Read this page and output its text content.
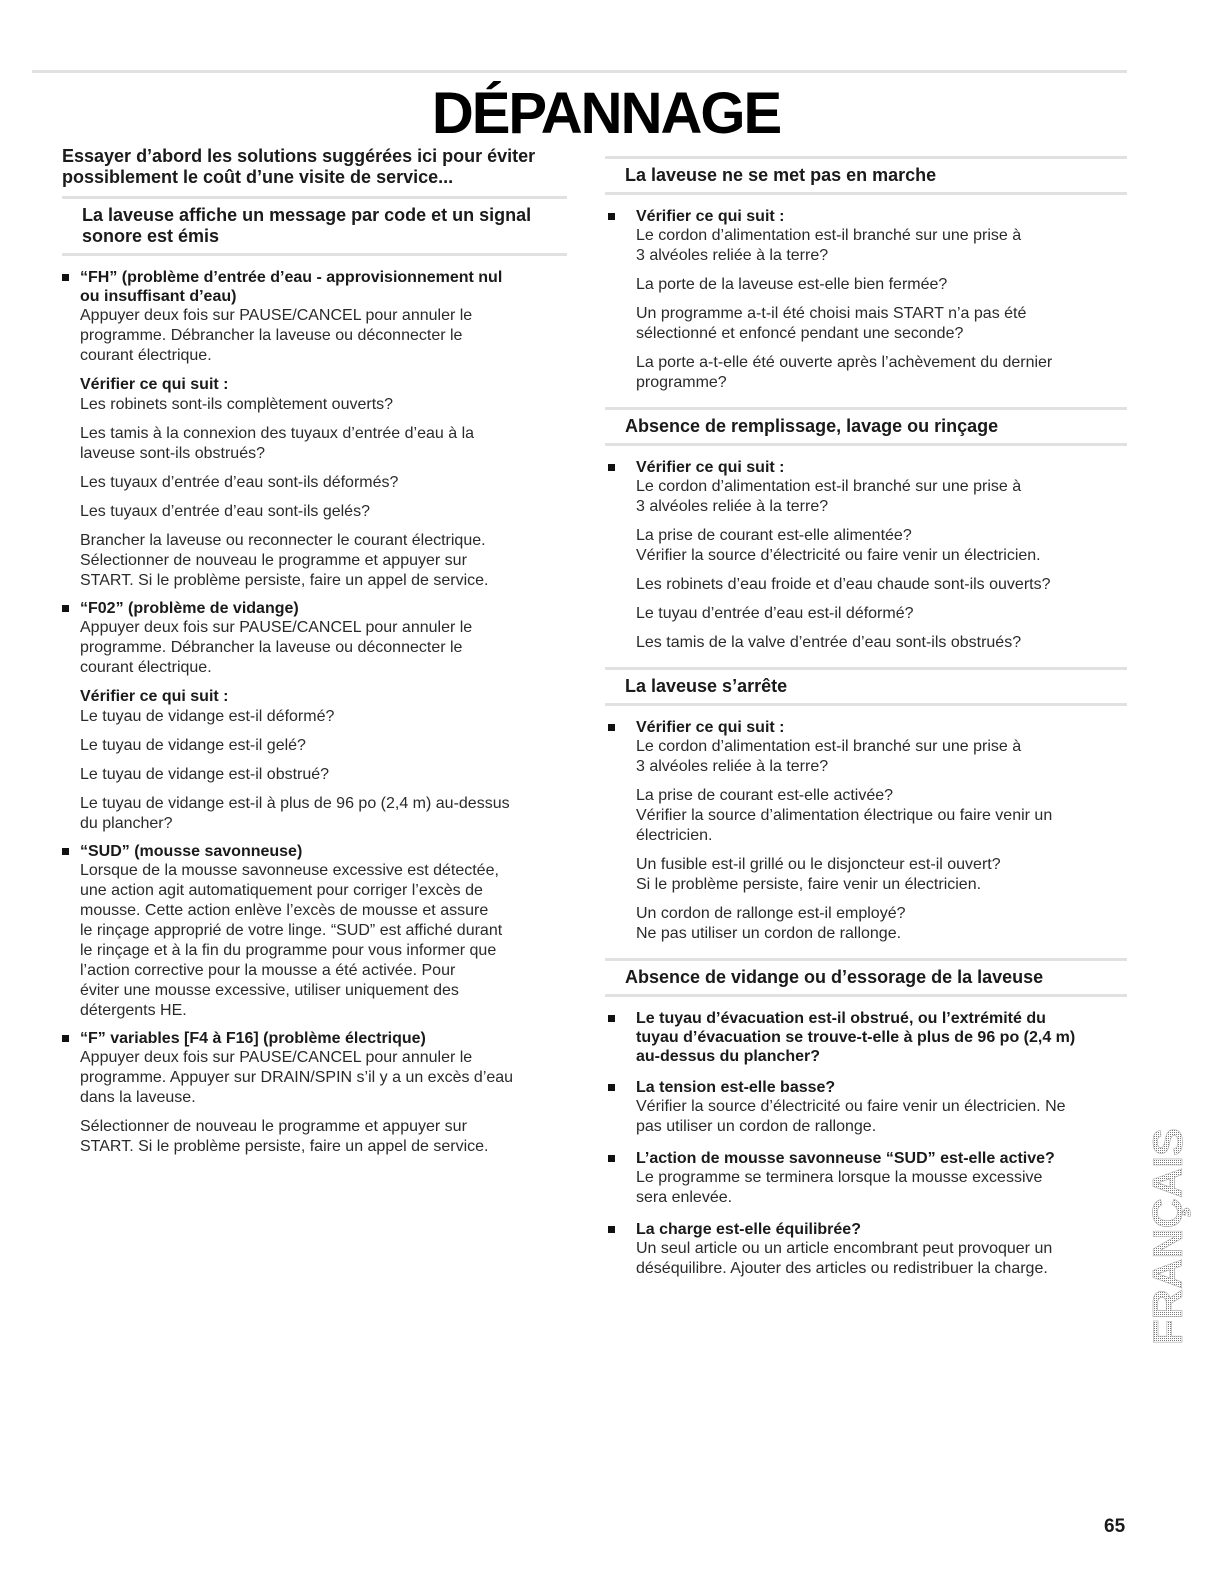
DÉPANNAGE
Essayer d’abord les solutions suggérées ici pour éviter
possiblement le coût d’une visite de service...
La laveuse affiche un message par code et un signal
sonore est émis
“FH” (problème d’entrée d’eau - approvisionnement nul
ou insuffisant d’eau)
Appuyer deux fois sur PAUSE/CANCEL pour annuler le
programme. Débrancher la laveuse ou déconnecter le
courant électrique.
Vérifier ce qui suit :
Les robinets sont-ils complètement ouverts?
Les tamis à la connexion des tuyaux d’entrée d’eau à la
laveuse sont-ils obstrués?
Les tuyaux d’entrée d’eau sont-ils déformés?
Les tuyaux d’entrée d’eau sont-ils gelés?
Brancher la laveuse ou reconnecter le courant électrique.
Sélectionner de nouveau le programme et appuyer sur
START. Si le problème persiste, faire un appel de service.
“F02” (problème de vidange)
Appuyer deux fois sur PAUSE/CANCEL pour annuler le
programme. Débrancher la laveuse ou déconnecter le
courant électrique.
Vérifier ce qui suit :
Le tuyau de vidange est-il déformé?
Le tuyau de vidange est-il gelé?
Le tuyau de vidange est-il obstrué?
Le tuyau de vidange est-il à plus de 96 po (2,4 m) au-dessus
du plancher?
“SUD” (mousse savonneuse)
Lorsque de la mousse savonneuse excessive est détectée,
une action agit automatiquement pour corriger l’excès de
mousse. Cette action enlève l’excès de mousse et assure
le rinçage approprié de votre linge. “SUD” est affiché durant
le rinçage et à la fin du programme pour vous informer que
l’action corrective pour la mousse a été activée. Pour
éviter une mousse excessive, utiliser uniquement des
détergents HE.
“F” variables [F4 à F16] (problème électrique)
Appuyer deux fois sur PAUSE/CANCEL pour annuler le
programme. Appuyer sur DRAIN/SPIN s’il y a un excès d’eau
dans la laveuse.
Sélectionner de nouveau le programme et appuyer sur
START. Si le problème persiste, faire un appel de service.
La laveuse ne se met pas en marche
Vérifier ce qui suit :
Le cordon d’alimentation est-il branché sur une prise à
3 alvéoles reliée à la terre?
La porte de la laveuse est-elle bien fermée?
Un programme a-t-il été choisi mais START n’a pas été
sélectionné et enfoncé pendant une seconde?
La porte a-t-elle été ouverte après l’achèvement du dernier
programme?
Absence de remplissage, lavage ou rinçage
Vérifier ce qui suit :
Le cordon d’alimentation est-il branché sur une prise à
3 alvéoles reliée à la terre?
La prise de courant est-elle alimentée?
Vérifier la source d’électricité ou faire venir un électricien.
Les robinets d’eau froide et d’eau chaude sont-ils ouverts?
Le tuyau d’entrée d’eau est-il déformé?
Les tamis de la valve d’entrée d’eau sont-ils obstrués?
La laveuse s’arrête
Vérifier ce qui suit :
Le cordon d’alimentation est-il branché sur une prise à
3 alvéoles reliée à la terre?
La prise de courant est-elle activée?
Vérifier la source d’alimentation électrique ou faire venir un
électricien.
Un fusible est-il grillé ou le disjoncteur est-il ouvert?
Si le problème persiste, faire venir un électricien.
Un cordon de rallonge est-il employé?
Ne pas utiliser un cordon de rallonge.
Absence de vidange ou d’essorage de la laveuse
Le tuyau d’évacuation est-il obstrué, ou l’extrémité du
tuyau d’évacuation se trouve-t-elle à plus de 96 po (2,4 m)
au-dessus du plancher?
La tension est-elle basse?
Vérifier la source d’électricité ou faire venir un électricien. Ne
pas utiliser un cordon de rallonge.
L’action de mousse savonneuse “SUD” est-elle active?
Le programme se terminera lorsque la mousse excessive
sera enlevée.
La charge est-elle équilibrée?
Un seul article ou un article encombrant peut provoquer un
déséquilibre. Ajouter des articles ou redistribuer la charge.	FRANÇAIS
65
